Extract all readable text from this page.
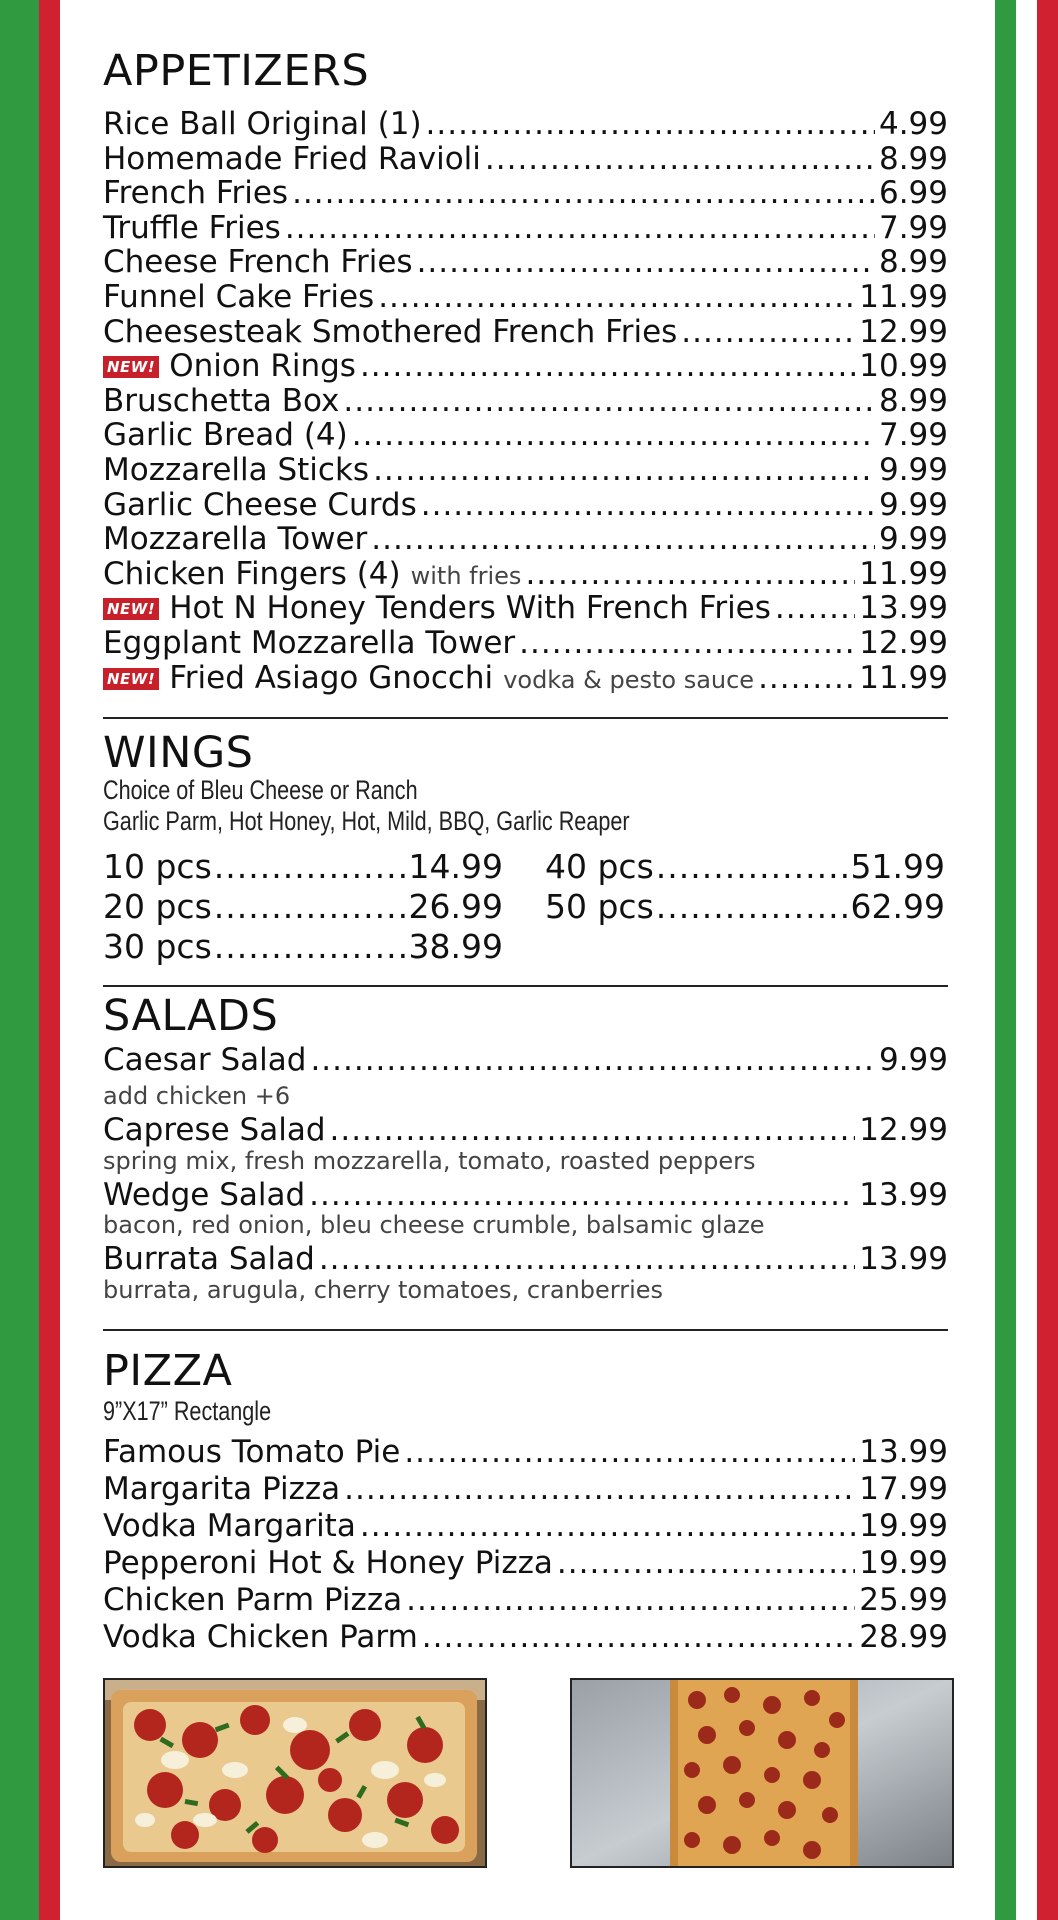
APPETIZERS
Rice Ball Original (1) .....	4.99
Homemade Fried Ravioli .....	8.99
French Fries .....	6.99
Truffle Fries .....	7.99
Cheese French Fries .....	8.99
Funnel Cake Fries .....	11.99
Cheesesteak Smothered French Fries .....	12.99
NEW! Onion Rings .....	10.99
Bruschetta Box .....	8.99
Garlic Bread (4) .....	7.99
Mozzarella Sticks .....	9.99
Garlic Cheese Curds .....	9.99
Mozzarella Tower .....	9.99
Chicken Fingers (4) with fries .....	11.99
NEW! Hot N Honey Tenders With French Fries .....	13.99
Eggplant Mozzarella Tower .....	12.99
NEW! Fried Asiago Gnocchi vodka & pesto sauce .....	11.99
WINGS
Choice of Bleu Cheese or Ranch
Garlic Parm, Hot Honey, Hot, Mild, BBQ, Garlic Reaper
10 pcs .....	14.99
20 pcs .....	26.99
30 pcs .....	38.99
40 pcs .....	51.99
50 pcs .....	62.99
SALADS
Caesar Salad .....	9.99
add chicken +6
Caprese Salad .....	12.99
spring mix, fresh mozzarella, tomato, roasted peppers
Wedge Salad .....	13.99
bacon, red onion, bleu cheese crumble, balsamic glaze
Burrata Salad .....	13.99
burrata, arugula, cherry tomatoes, cranberries
PIZZA
9”X17” Rectangle
Famous Tomato Pie .....	13.99
Margarita Pizza .....	17.99
Vodka Margarita .....	19.99
Pepperoni Hot & Honey Pizza .....	19.99
Chicken Parm Pizza .....	25.99
Vodka Chicken Parm .....	28.99
